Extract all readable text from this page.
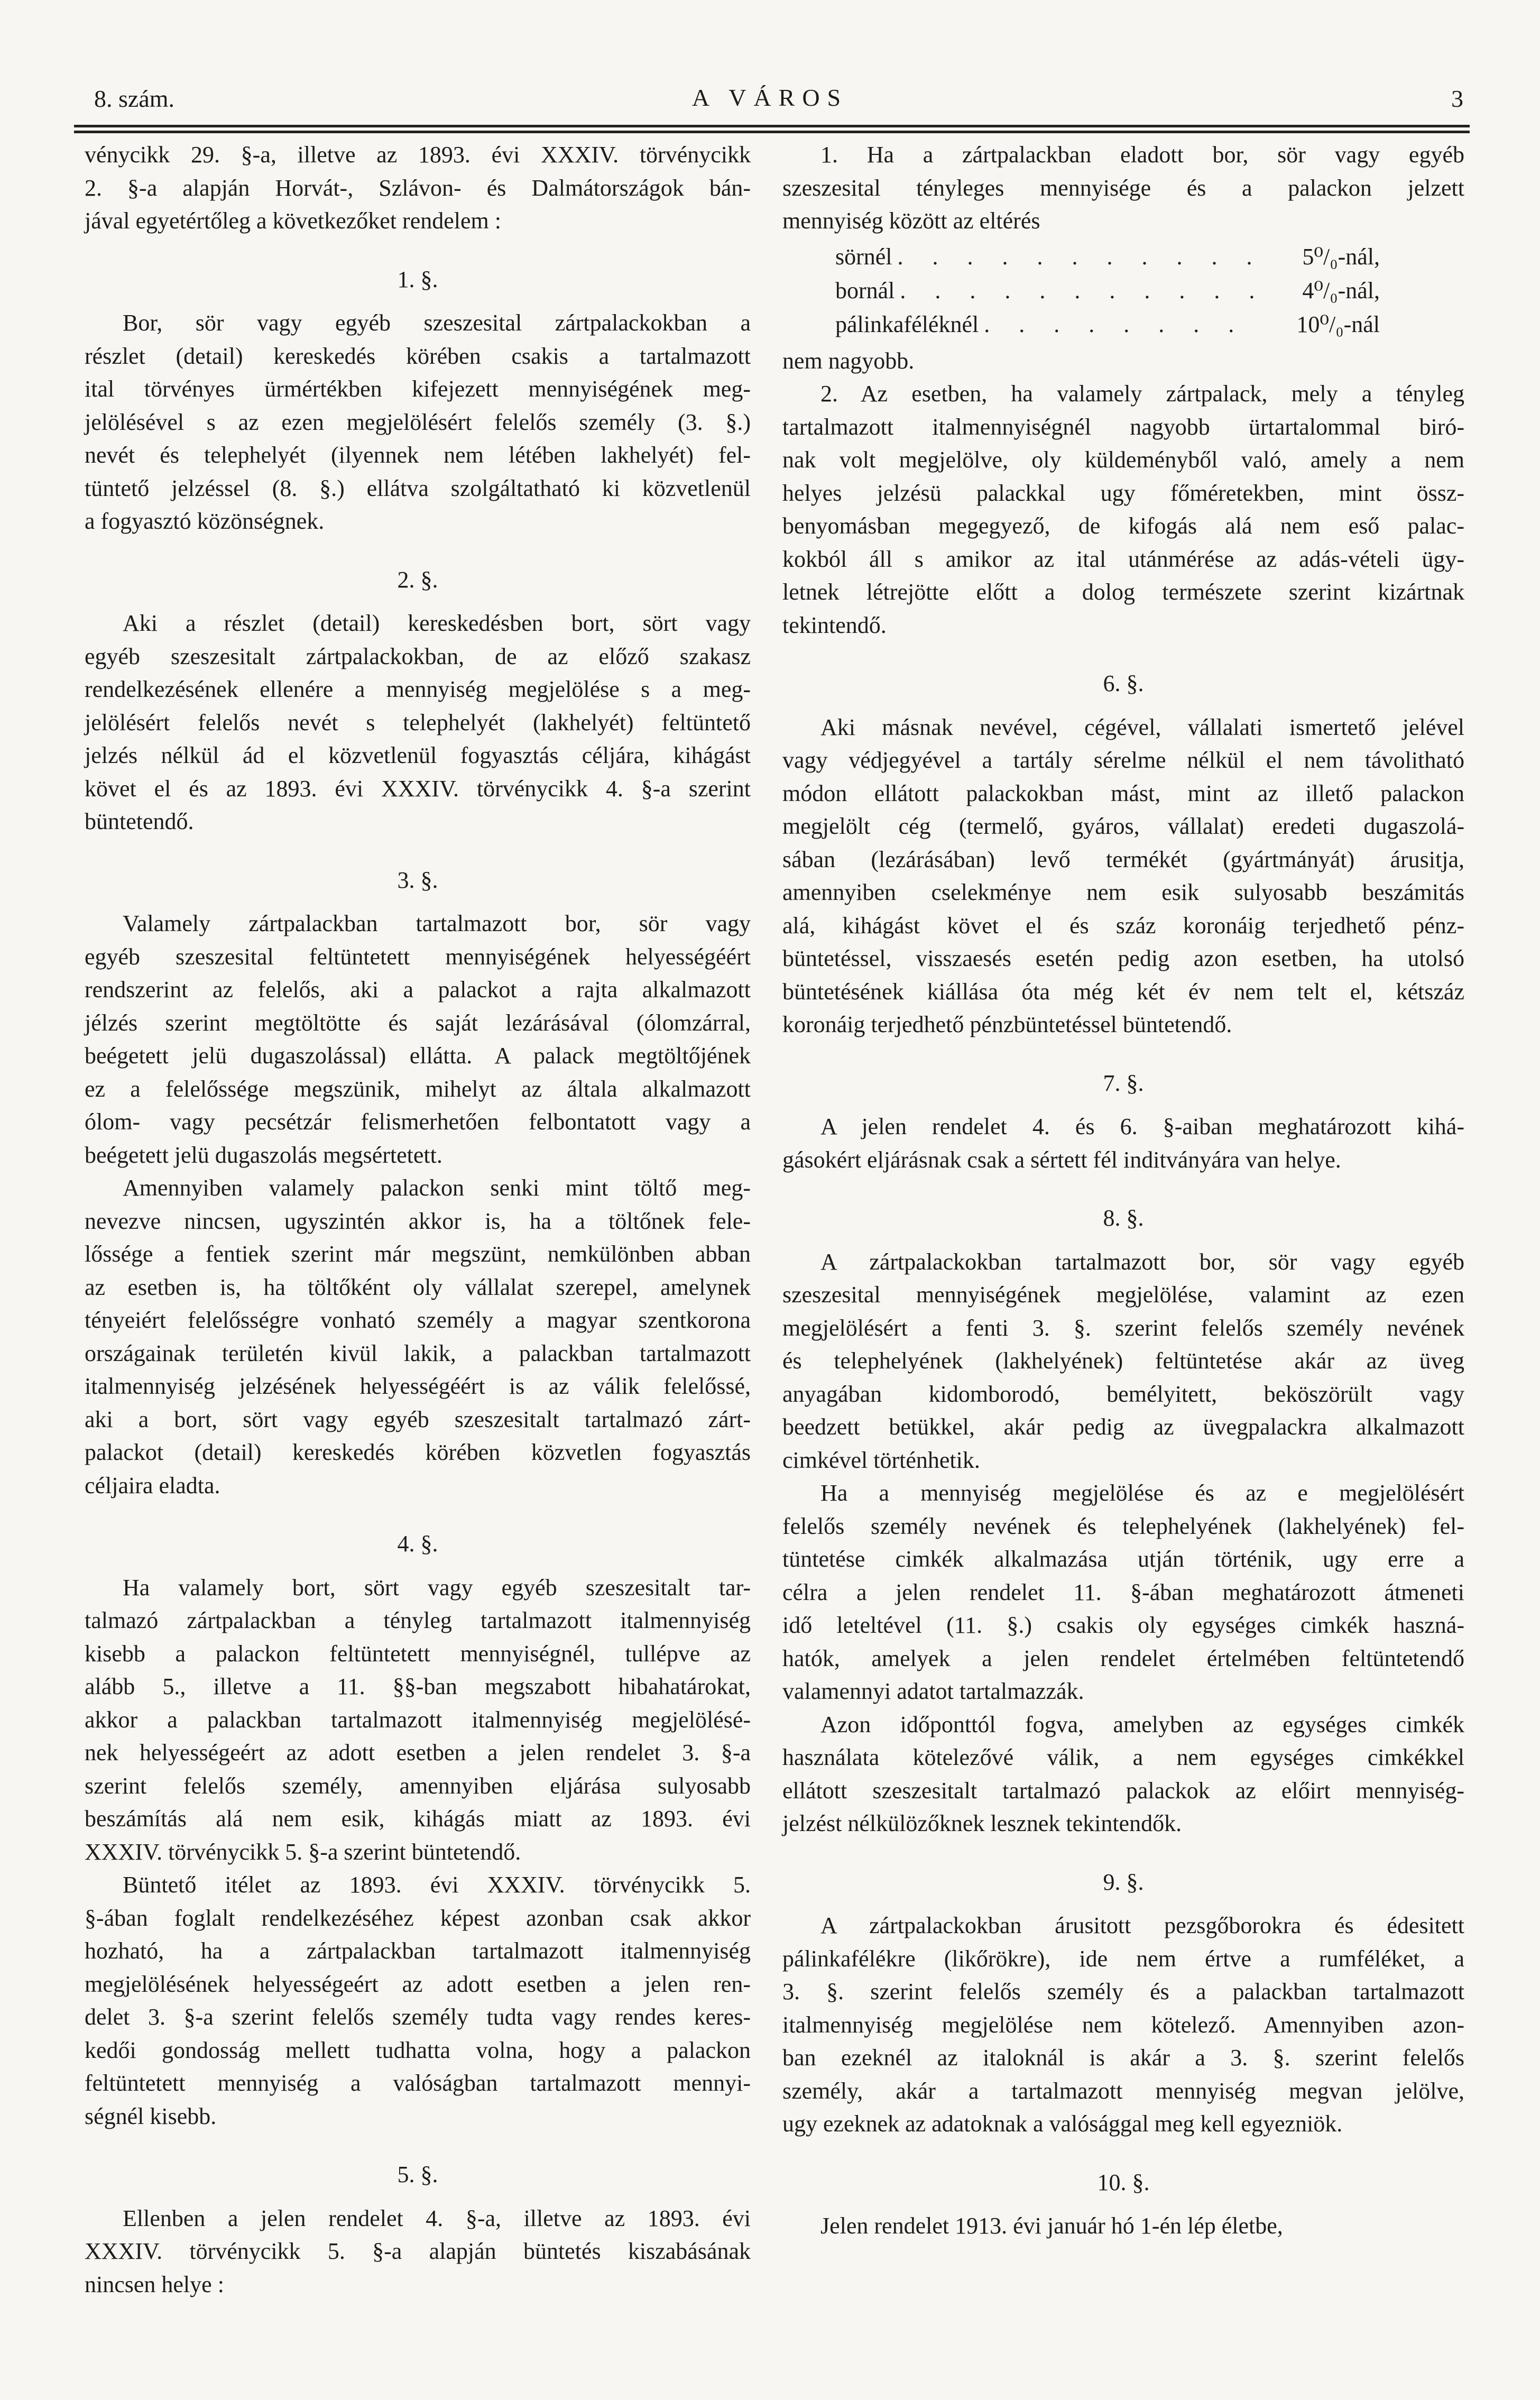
8. szám.	A VÁROS	3
vénycikk 29. §-a, illetve az 1893. évi XXXIV. törvénycikk
2. §-a alapján Horvát-, Szlávon- és Dalmátországok bán-
jával egyetértőleg a következőket rendelem :
1. §.
Bor, sör vagy egyéb szeszesital zártpalackokban a
részlet (detail) kereskedés körében csakis a tartalmazott
ital törvényes ürmértékben kifejezett mennyiségének meg-
jelölésével s az ezen megjelölésért felelős személy (3. §.)
nevét és telephelyét (ilyennek nem létében lakhelyét) fel-
tüntető jelzéssel (8. §.) ellátva szolgáltatható ki közvetlenül
a fogyasztó közönségnek.
2. §.
Aki a részlet (detail) kereskedésben bort, sört vagy
egyéb szeszesitalt zártpalackokban, de az előző szakasz
rendelkezésének ellenére a mennyiség megjelölése s a meg-
jelölésért felelős nevét s telephelyét (lakhelyét) feltüntető
jelzés nélkül ád el közvetlenül fogyasztás céljára, kihágást
követ el és az 1893. évi XXXIV. törvénycikk 4. §-a szerint
büntetendő.
3. §.
Valamely zártpalackban tartalmazott bor, sör vagy
egyéb szeszesital feltüntetett mennyiségének helyességéért
rendszerint az felelős, aki a palackot a rajta alkalmazott
jélzés szerint megtöltötte és saját lezárásával (ólomzárral,
beégetett jelü dugaszolással) ellátta. A palack megtöltőjének
ez a felelőssége megszünik, mihelyt az általa alkalmazott
ólom- vagy pecsétzár felismerhetően felbontatott vagy a
beégetett jelü dugaszolás megsértetett.
Amennyiben valamely palackon senki mint töltő meg-
nevezve nincsen, ugyszintén akkor is, ha a töltőnek fele-
lőssége a fentiek szerint már megszünt, nemkülönben abban
az esetben is, ha töltőként oly vállalat szerepel, amelynek
tényeiért felelősségre vonható személy a magyar szentkorona
országainak területén kivül lakik, a palackban tartalmazott
italmennyiség jelzésének helyességéért is az válik felelőssé,
aki a bort, sört vagy egyéb szeszesitalt tartalmazó zárt-
palackot (detail) kereskedés körében közvetlen fogyasztás
céljaira eladta.
4. §.
Ha valamely bort, sört vagy egyéb szeszesitalt tar-
talmazó zártpalackban a tényleg tartalmazott italmennyiség
kisebb a palackon feltüntetett mennyiségnél, tullépve az
alább 5., illetve a 11. §§-ban megszabott hibahatárokat,
akkor a palackban tartalmazott italmennyiség megjelölésé-
nek helyességeért az adott esetben a jelen rendelet 3. §-a
szerint felelős személy, amennyiben eljárása sulyosabb
beszámítás alá nem esik, kihágás miatt az 1893. évi
XXXIV. törvénycikk 5. §-a szerint büntetendő.
Büntető itélet az 1893. évi XXXIV. törvénycikk 5.
§-ában foglalt rendelkezéséhez képest azonban csak akkor
hozható, ha a zártpalackban tartalmazott italmennyiség
megjelölésének helyességeért az adott esetben a jelen ren-
delet 3. §-a szerint felelős személy tudta vagy rendes keres-
kedői gondosság mellett tudhatta volna, hogy a palackon
feltüntetett mennyiség a valóságban tartalmazott mennyi-
ségnél kisebb.
5. §.
Ellenben a jelen rendelet 4. §-a, illetve az 1893. évi
XXXIV. törvénycikk 5. §-a alapján büntetés kiszabásának
nincsen helye :
1. Ha a zártpalackban eladott bor, sör vagy egyéb
szeszesital tényleges mennyisége és a palackon jelzett
mennyiség között az eltérés
sörnél . . . . . . . . . . .	5⁰/₀-nál,
bornál . . . . . . . . . . .	4⁰/₀-nál,
pálinkaféléknél . . . . . . . .	10⁰/₀-nál
nem nagyobb.
2. Az esetben, ha valamely zártpalack, mely a tényleg
tartalmazott italmennyiségnél nagyobb ürtartalommal biró-
nak volt megjelölve, oly küldeményből való, amely a nem
helyes jelzésü palackkal ugy főméretekben, mint össz-
benyomásban megegyező, de kifogás alá nem eső palac-
kokból áll s amikor az ital utánmérése az adás-vételi ügy-
letnek létrejötte előtt a dolog természete szerint kizártnak
tekintendő.
6. §.
Aki másnak nevével, cégével, vállalati ismertető jelével
vagy védjegyével a tartály sérelme nélkül el nem távolitható
módon ellátott palackokban mást, mint az illető palackon
megjelölt cég (termelő, gyáros, vállalat) eredeti dugaszolá-
sában (lezárásában) levő termékét (gyártmányát) árusitja,
amennyiben cselekménye nem esik sulyosabb beszámitás
alá, kihágást követ el és száz koronáig terjedhető pénz-
büntetéssel, visszaesés esetén pedig azon esetben, ha utolsó
büntetésének kiállása óta még két év nem telt el, kétszáz
koronáig terjedhető pénzbüntetéssel büntetendő.
7. §.
A jelen rendelet 4. és 6. §-aiban meghatározott kihá-
gásokért eljárásnak csak a sértett fél inditványára van helye.
8. §.
A zártpalackokban tartalmazott bor, sör vagy egyéb
szeszesital mennyiségének megjelölése, valamint az ezen
megjelölésért a fenti 3. §. szerint felelős személy nevének
és telephelyének (lakhelyének) feltüntetése akár az üveg
anyagában kidomborodó, bemélyitett, beköszörült vagy
beedzett betükkel, akár pedig az üvegpalackra alkalmazott
cimkével történhetik.
Ha a mennyiség megjelölése és az e megjelölésért
felelős személy nevének és telephelyének (lakhelyének) fel-
tüntetése cimkék alkalmazása utján történik, ugy erre a
célra a jelen rendelet 11. §-ában meghatározott átmeneti
idő leteltével (11. §.) csakis oly egységes cimkék haszná-
hatók, amelyek a jelen rendelet értelmében feltüntetendő
valamennyi adatot tartalmazzák.
Azon időponttól fogva, amelyben az egységes cimkék
használata kötelezővé válik, a nem egységes cimkékkel
ellátott szeszesitalt tartalmazó palackok az előirt mennyiség-
jelzést nélkülözőknek lesznek tekintendők.
9. §.
A zártpalackokban árusitott pezsgőborokra és édesitett
pálinkafélékre (likőrökre), ide nem értve a rumféléket, a
3. §. szerint felelős személy és a palackban tartalmazott
italmennyiség megjelölése nem kötelező. Amennyiben azon-
ban ezeknél az italoknál is akár a 3. §. szerint felelős
személy, akár a tartalmazott mennyiség megvan jelölve,
ugy ezeknek az adatoknak a valósággal meg kell egyezniök.
10. §.
Jelen rendelet 1913. évi január hó 1-én lép életbe,
